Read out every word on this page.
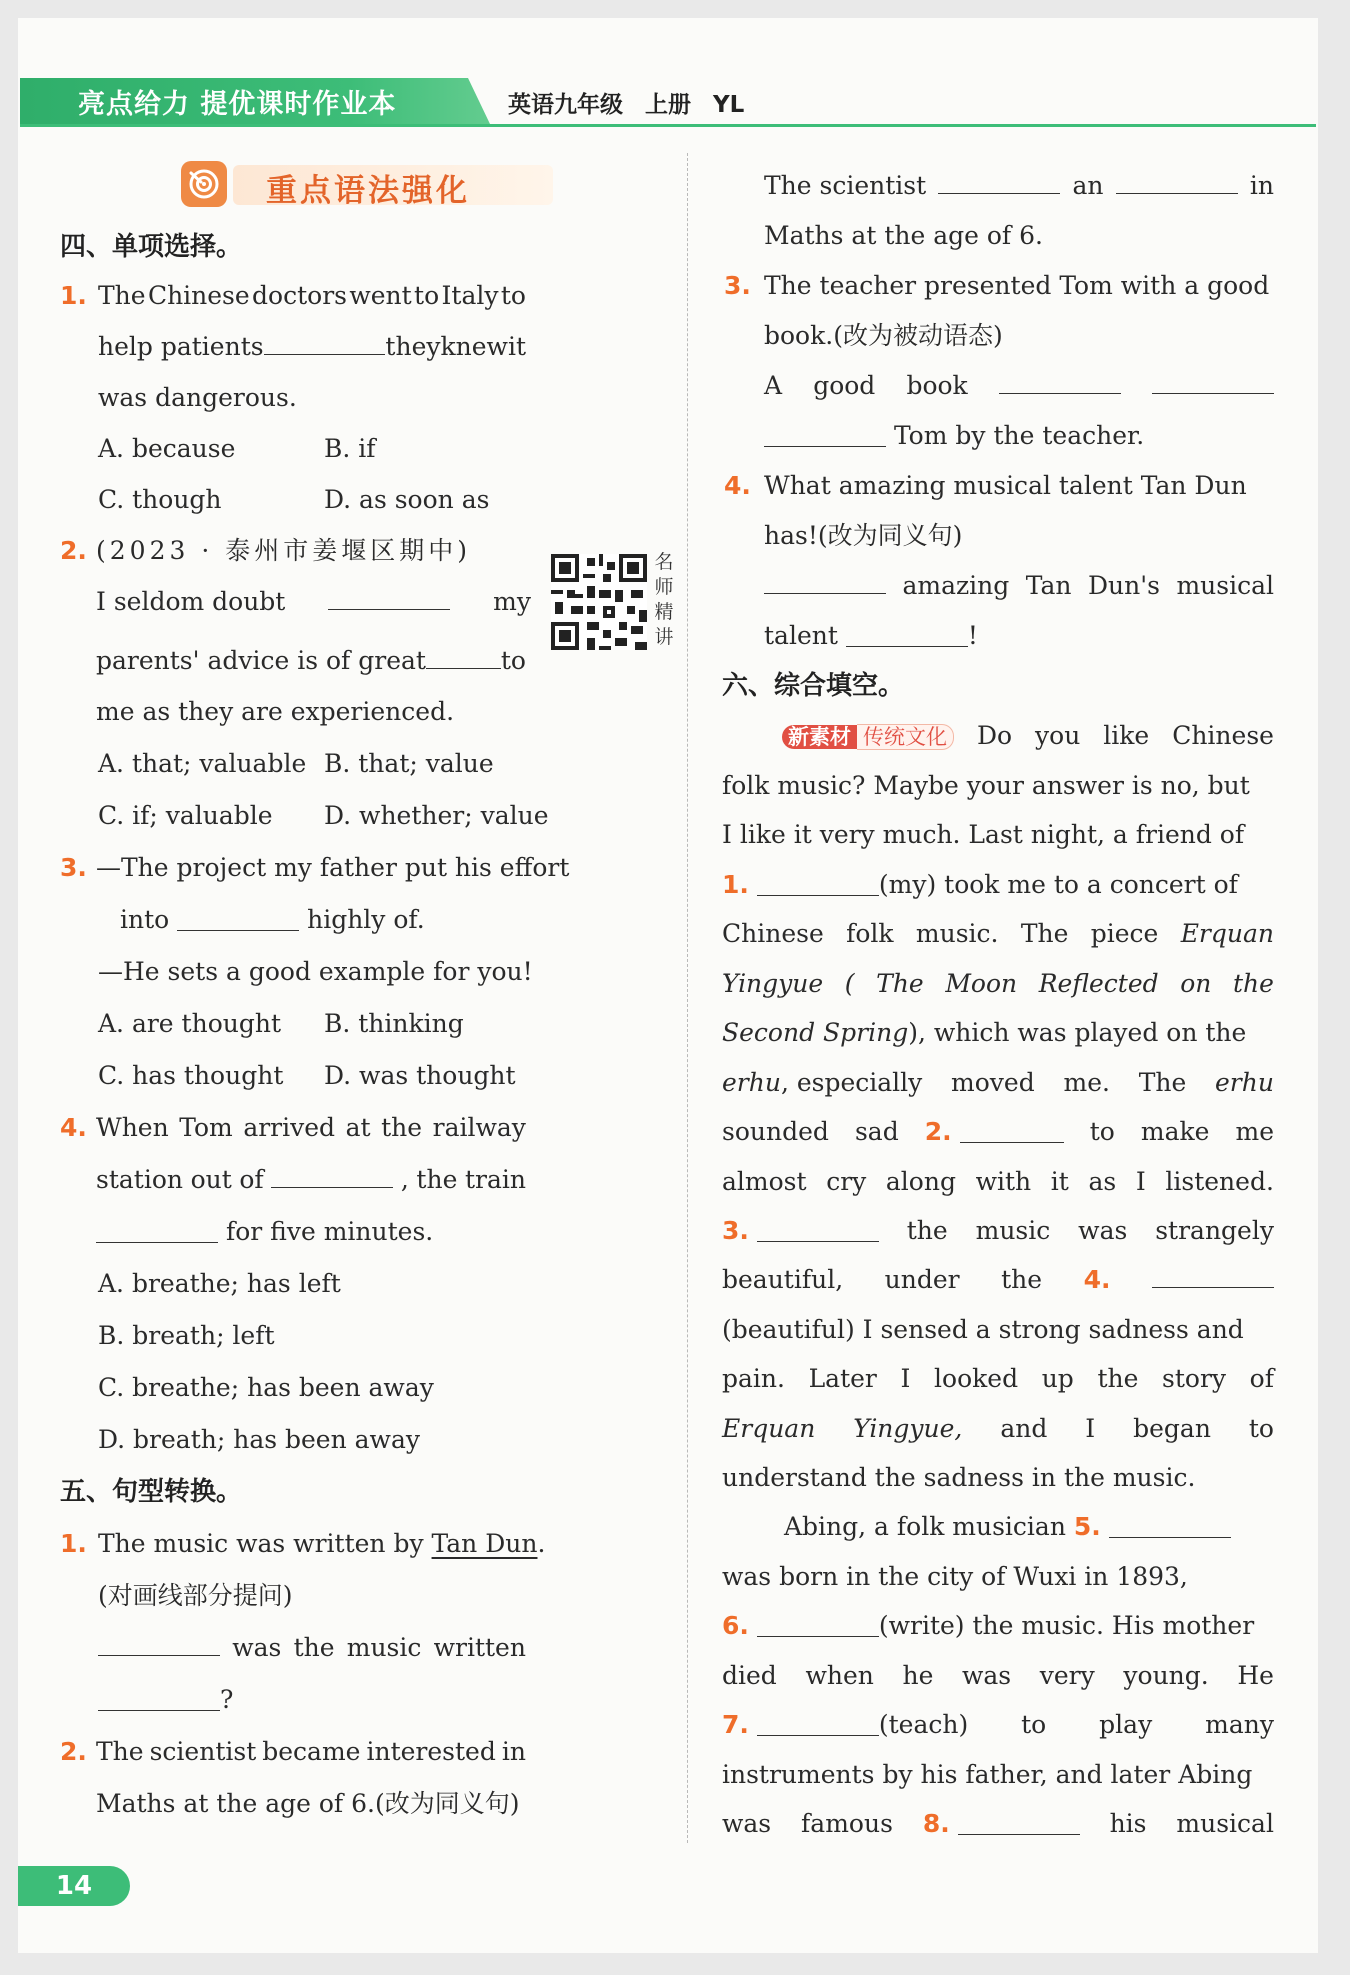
亮点给力 提优课时作业本	英语九年级 上册 YL
重点语法强化
四、单项选择。
1. The Chinese doctors went to Italy to
help patients	they knew it
was dangerous.
A. because	B. if
C. though	D. as soon as
2. (2023 · 泰州市姜堰区期中)	名师精讲
I seldom doubt	my
parents' advice is of great	to
me as they are experienced.
A. that; valuable B. that; value
C. if; valuable D. whether; value
3. —The project my father put his effort
into	highly of.
—He sets a good example for you!
A. are thought B. thinking
C. has thought D. was thought
4. When Tom arrived at the railway
station out of	, the train
for five minutes.
A. breathe; has left
B. breath; left
C. breathe; has been away
D. breath; has been away
五、句型转换。
1. The music was written by Tan Dun.
(对画线部分提问)
was the music written
?
2. The scientist became interested in
Maths at the age of 6.(改为同义句)
The scientist	an	in
Maths at the age of 6.
3. The teacher presented Tom with a good
book.(改为被动语态)
A good book
Tom by the teacher.
4. What amazing musical talent Tan Dun
has!(改为同义句)
amazing Tan Dun's musical
talent	!
六、综合填空。
新素材 传统文化 Do you like Chinese
folk music? Maybe your answer is no, but
I like it very much. Last night, a friend of
1.	(my) took me to a concert of
Chinese folk music. The piece Erquan
Yingyue ( The Moon Reflected on the
Second Spring), which was played on the
erhu, especially moved me. The erhu
sounded sad 2.	to make me
almost cry along with it as I listened.
3.	the music was strangely
beautiful, under the 4.
(beautiful) I sensed a strong sadness and
pain. Later I looked up the story of
Erquan Yingyue, and I began to
understand the sadness in the music.
Abing, a folk musician 5.
was born in the city of Wuxi in 1893,
6.	(write) the music. His mother
died when he was very young. He
7.	(teach) to play many
instruments by his father, and later Abing
was famous 8.	his musical
14
